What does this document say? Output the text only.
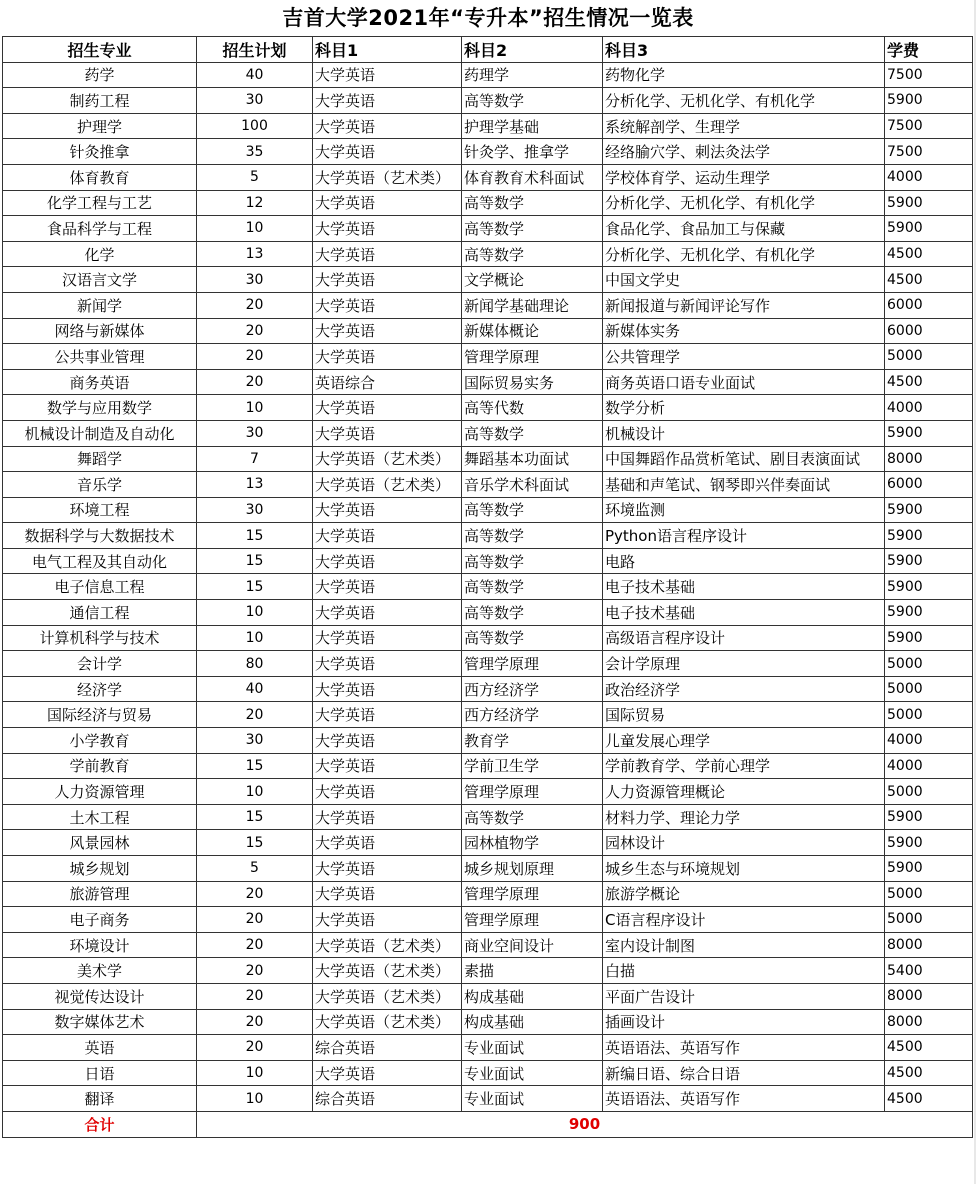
吉首大学2021年“专升本”招生情况一览表
招生专业	招生计划	科目1	科目2	科目3	学费
药学	40	大学英语	药理学	药物化学	7500
制药工程	30	大学英语	高等数学	分析化学、无机化学、有机化学	5900
护理学	100	大学英语	护理学基础	系统解剖学、生理学	7500
针灸推拿	35	大学英语	针灸学、推拿学	经络腧穴学、刺法灸法学	7500
体育教育	5	大学英语（艺术类）	体育教育术科面试	学校体育学、运动生理学	4000
化学工程与工艺	12	大学英语	高等数学	分析化学、无机化学、有机化学	5900
食品科学与工程	10	大学英语	高等数学	食品化学、食品加工与保藏	5900
化学	13	大学英语	高等数学	分析化学、无机化学、有机化学	4500
汉语言文学	30	大学英语	文学概论	中国文学史	4500
新闻学	20	大学英语	新闻学基础理论	新闻报道与新闻评论写作	6000
网络与新媒体	20	大学英语	新媒体概论	新媒体实务	6000
公共事业管理	20	大学英语	管理学原理	公共管理学	5000
商务英语	20	英语综合	国际贸易实务	商务英语口语专业面试	4500
数学与应用数学	10	大学英语	高等代数	数学分析	4000
机械设计制造及自动化	30	大学英语	高等数学	机械设计	5900
舞蹈学	7	大学英语（艺术类）	舞蹈基本功面试	中国舞蹈作品赏析笔试、剧目表演面试	8000
音乐学	13	大学英语（艺术类）	音乐学术科面试	基础和声笔试、钢琴即兴伴奏面试	6000
环境工程	30	大学英语	高等数学	环境监测	5900
数据科学与大数据技术	15	大学英语	高等数学	Python语言程序设计	5900
电气工程及其自动化	15	大学英语	高等数学	电路	5900
电子信息工程	15	大学英语	高等数学	电子技术基础	5900
通信工程	10	大学英语	高等数学	电子技术基础	5900
计算机科学与技术	10	大学英语	高等数学	高级语言程序设计	5900
会计学	80	大学英语	管理学原理	会计学原理	5000
经济学	40	大学英语	西方经济学	政治经济学	5000
国际经济与贸易	20	大学英语	西方经济学	国际贸易	5000
小学教育	30	大学英语	教育学	儿童发展心理学	4000
学前教育	15	大学英语	学前卫生学	学前教育学、学前心理学	4000
人力资源管理	10	大学英语	管理学原理	人力资源管理概论	5000
土木工程	15	大学英语	高等数学	材料力学、理论力学	5900
风景园林	15	大学英语	园林植物学	园林设计	5900
城乡规划	5	大学英语	城乡规划原理	城乡生态与环境规划	5900
旅游管理	20	大学英语	管理学原理	旅游学概论	5000
电子商务	20	大学英语	管理学原理	C语言程序设计	5000
环境设计	20	大学英语（艺术类）	商业空间设计	室内设计制图	8000
美术学	20	大学英语（艺术类）	素描	白描	5400
视觉传达设计	20	大学英语（艺术类）	构成基础	平面广告设计	8000
数字媒体艺术	20	大学英语（艺术类）	构成基础	插画设计	8000
英语	20	综合英语	专业面试	英语语法、英语写作	4500
日语	10	大学英语	专业面试	新编日语、综合日语	4500
翻译	10	综合英语	专业面试	英语语法、英语写作	4500
合计	900				
